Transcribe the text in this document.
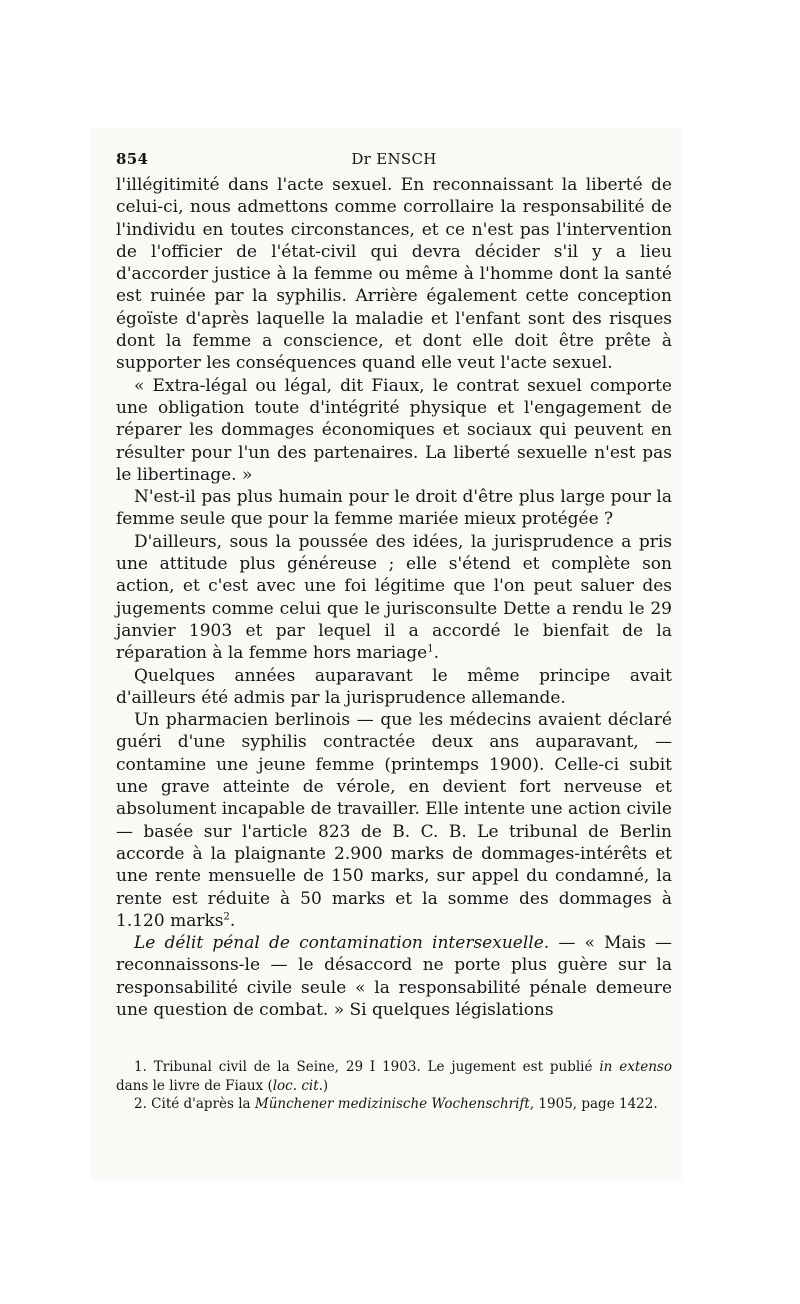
854	Dr ENSCH

l'illégitimité dans l'acte sexuel. En reconnaissant la liberté de celui-ci, nous admettons comme corrollaire la responsabilité de l'individu en toutes circonstances, et ce n'est pas l'intervention de l'officier de l'état-civil qui devra décider s'il y a lieu d'accorder justice à la femme ou même à l'homme dont la santé est ruinée par la syphilis. Arrière également cette conception égoïste d'après laquelle la maladie et l'enfant sont des risques dont la femme a conscience, et dont elle doit être prête à supporter les conséquences quand elle veut l'acte sexuel.

« Extra-légal ou légal, dit Fiaux, le contrat sexuel comporte une obligation toute d'intégrité physique et l'engagement de réparer les dommages économiques et sociaux qui peuvent en résulter pour l'un des partenaires. La liberté sexuelle n'est pas le libertinage. »

N'est-il pas plus humain pour le droit d'être plus large pour la femme seule que pour la femme mariée mieux protégée ?

D'ailleurs, sous la poussée des idées, la jurisprudence a pris une attitude plus généreuse ; elle s'étend et complète son action, et c'est avec une foi légitime que l'on peut saluer des jugements comme celui que le jurisconsulte Dette a rendu le 29 janvier 1903 et par lequel il a accordé le bienfait de la réparation à la femme hors mariage$^1$.

Quelques années auparavant le même principe avait d'ailleurs été admis par la jurisprudence allemande.

Un pharmacien berlinois — que les médecins avaient déclaré guéri d'une syphilis contractée deux ans auparavant, — contamine une jeune femme (printemps 1900). Celle-ci subit une grave atteinte de vérole, en devient fort nerveuse et absolument incapable de travailler. Elle intente une action civile — basée sur l'article 823 de B. C. B. Le tribunal de Berlin accorde à la plaignante 2.900 marks de dommages-intérêts et une rente mensuelle de 150 marks, sur appel du condamné, la rente est réduite à 50 marks et la somme des dommages à 1.120 marks$^2$.

Le délit pénal de contamination intersexuelle. — « Mais — reconnaissons-le — le désaccord ne porte plus guère sur la responsabilité civile seule « la responsabilité pénale demeure une question de combat. » Si quelques législations

1. Tribunal civil de la Seine, 29 I 1903. Le jugement est publié in extenso dans le livre de Fiaux (loc. cit.)

2. Cité d'après la Münchener medizinische Wochenschrift, 1905, page 1422.
